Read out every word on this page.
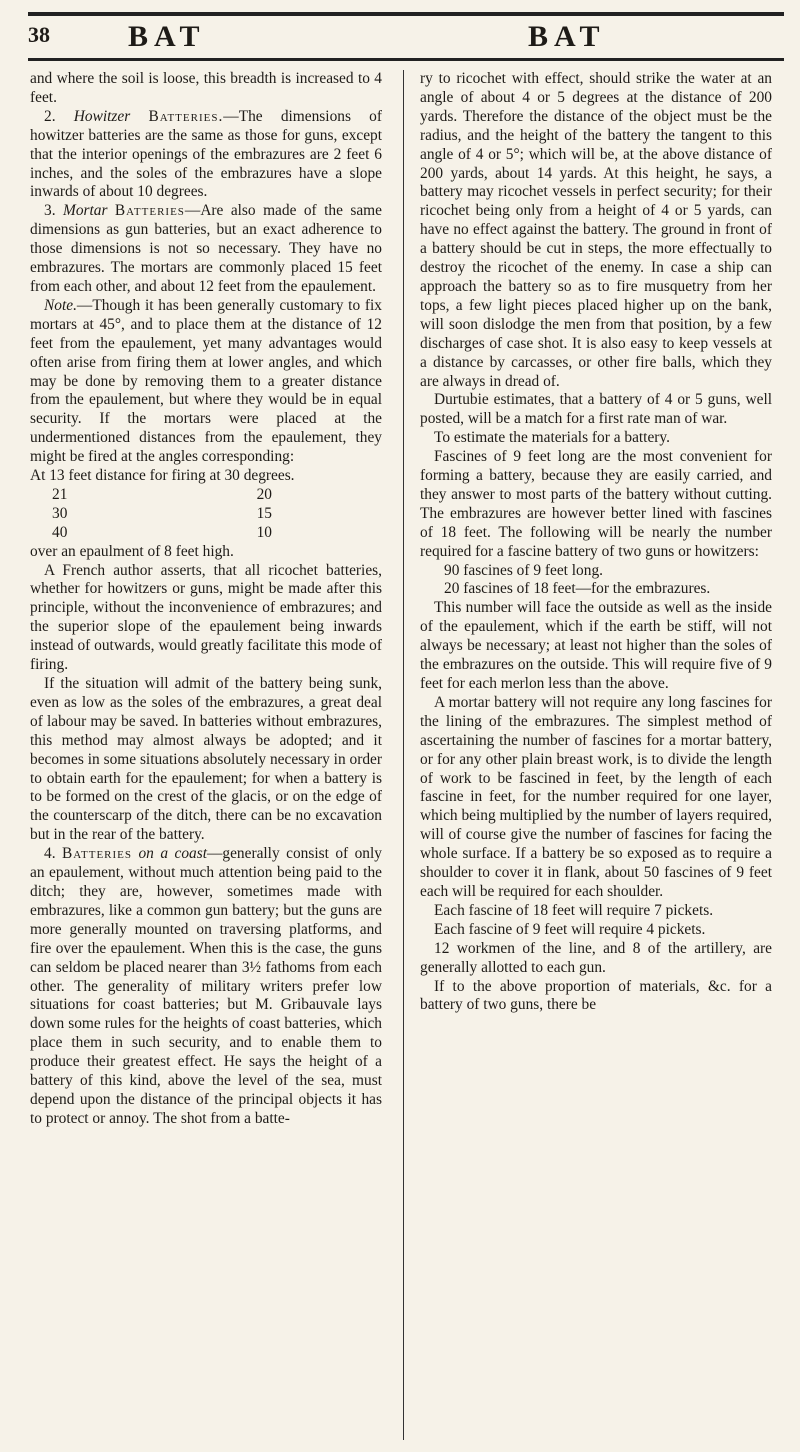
38	BAT	BAT

and where the soil is loose, this breadth is increased to 4 feet.

2. Howitzer Batteries.—The dimensions of howitzer batteries are the same as those for guns, except that the interior openings of the embrazures are 2 feet 6 inches, and the soles of the embrazures have a slope inwards of about 10 degrees.

3. Mortar Batteries—Are also made of the same dimensions as gun batteries, but an exact adherence to those dimensions is not so necessary. They have no embrazures. The mortars are commonly placed 15 feet from each other, and about 12 feet from the epaulement.

Note.—Though it has been generally customary to fix mortars at 45°, and to place them at the distance of 12 feet from the epaulement, yet many advantages would often arise from firing them at lower angles, and which may be done by removing them to a greater distance from the epaulement, but where they would be in equal security. If the mortars were placed at the undermentioned distances from the epaulement, they might be fired at the angles corresponding:

At 13 feet distance for firing at 30 degrees.

21	20
30	15
40	10

over an epaulment of 8 feet high.

A French author asserts, that all ricochet batteries, whether for howitzers or guns, might be made after this principle, without the inconvenience of embrazures; and the superior slope of the epaulement being inwards instead of outwards, would greatly facilitate this mode of firing.

If the situation will admit of the battery being sunk, even as low as the soles of the embrazures, a great deal of labour may be saved. In batteries without embrazures, this method may almost always be adopted; and it becomes in some situations absolutely necessary in order to obtain earth for the epaulement; for when a battery is to be formed on the crest of the glacis, or on the edge of the counterscarp of the ditch, there can be no excavation but in the rear of the battery.

4. Batteries on a coast—generally consist of only an epaulement, without much attention being paid to the ditch; they are, however, sometimes made with embrazures, like a common gun battery; but the guns are more generally mounted on traversing platforms, and fire over the epaulement. When this is the case, the guns can seldom be placed nearer than 3½ fathoms from each other. The generality of military writers prefer low situations for coast batteries; but M. Gribauvale lays down some rules for the heights of coast batteries, which place them in such security, and to enable them to produce their greatest effect. He says the height of a battery of this kind, above the level of the sea, must depend upon the distance of the principal objects it has to protect or annoy. The shot from a batte-

ry to ricochet with effect, should strike the water at an angle of about 4 or 5 degrees at the distance of 200 yards. Therefore the distance of the object must be the radius, and the height of the battery the tangent to this angle of 4 or 5°; which will be, at the above distance of 200 yards, about 14 yards. At this height, he says, a battery may ricochet vessels in perfect security; for their ricochet being only from a height of 4 or 5 yards, can have no effect against the battery. The ground in front of a battery should be cut in steps, the more effectually to destroy the ricochet of the enemy. In case a ship can approach the battery so as to fire musquetry from her tops, a few light pieces placed higher up on the bank, will soon dislodge the men from that position, by a few discharges of case shot. It is also easy to keep vessels at a distance by carcasses, or other fire balls, which they are always in dread of.

Durtubie estimates, that a battery of 4 or 5 guns, well posted, will be a match for a first rate man of war.

To estimate the materials for a battery.

Fascines of 9 feet long are the most convenient for forming a battery, because they are easily carried, and they answer to most parts of the battery without cutting. The embrazures are however better lined with fascines of 18 feet. The following will be nearly the number required for a fascine battery of two guns or howitzers:

90 fascines of 9 feet long.

20 fascines of 18 feet—for the embrazures.

This number will face the outside as well as the inside of the epaulement, which if the earth be stiff, will not always be necessary; at least not higher than the soles of the embrazures on the outside. This will require five of 9 feet for each merlon less than the above.

A mortar battery will not require any long fascines for the lining of the embrazures. The simplest method of ascertaining the number of fascines for a mortar battery, or for any other plain breast work, is to divide the length of work to be fascined in feet, by the length of each fascine in feet, for the number required for one layer, which being multiplied by the number of layers required, will of course give the number of fascines for facing the whole surface. If a battery be so exposed as to require a shoulder to cover it in flank, about 50 fascines of 9 feet each will be required for each shoulder.

Each fascine of 18 feet will require 7 pickets.

Each fascine of 9 feet will require 4 pickets.

12 workmen of the line, and 8 of the artillery, are generally allotted to each gun.

If to the above proportion of materials, &c. for a battery of two guns, there be
